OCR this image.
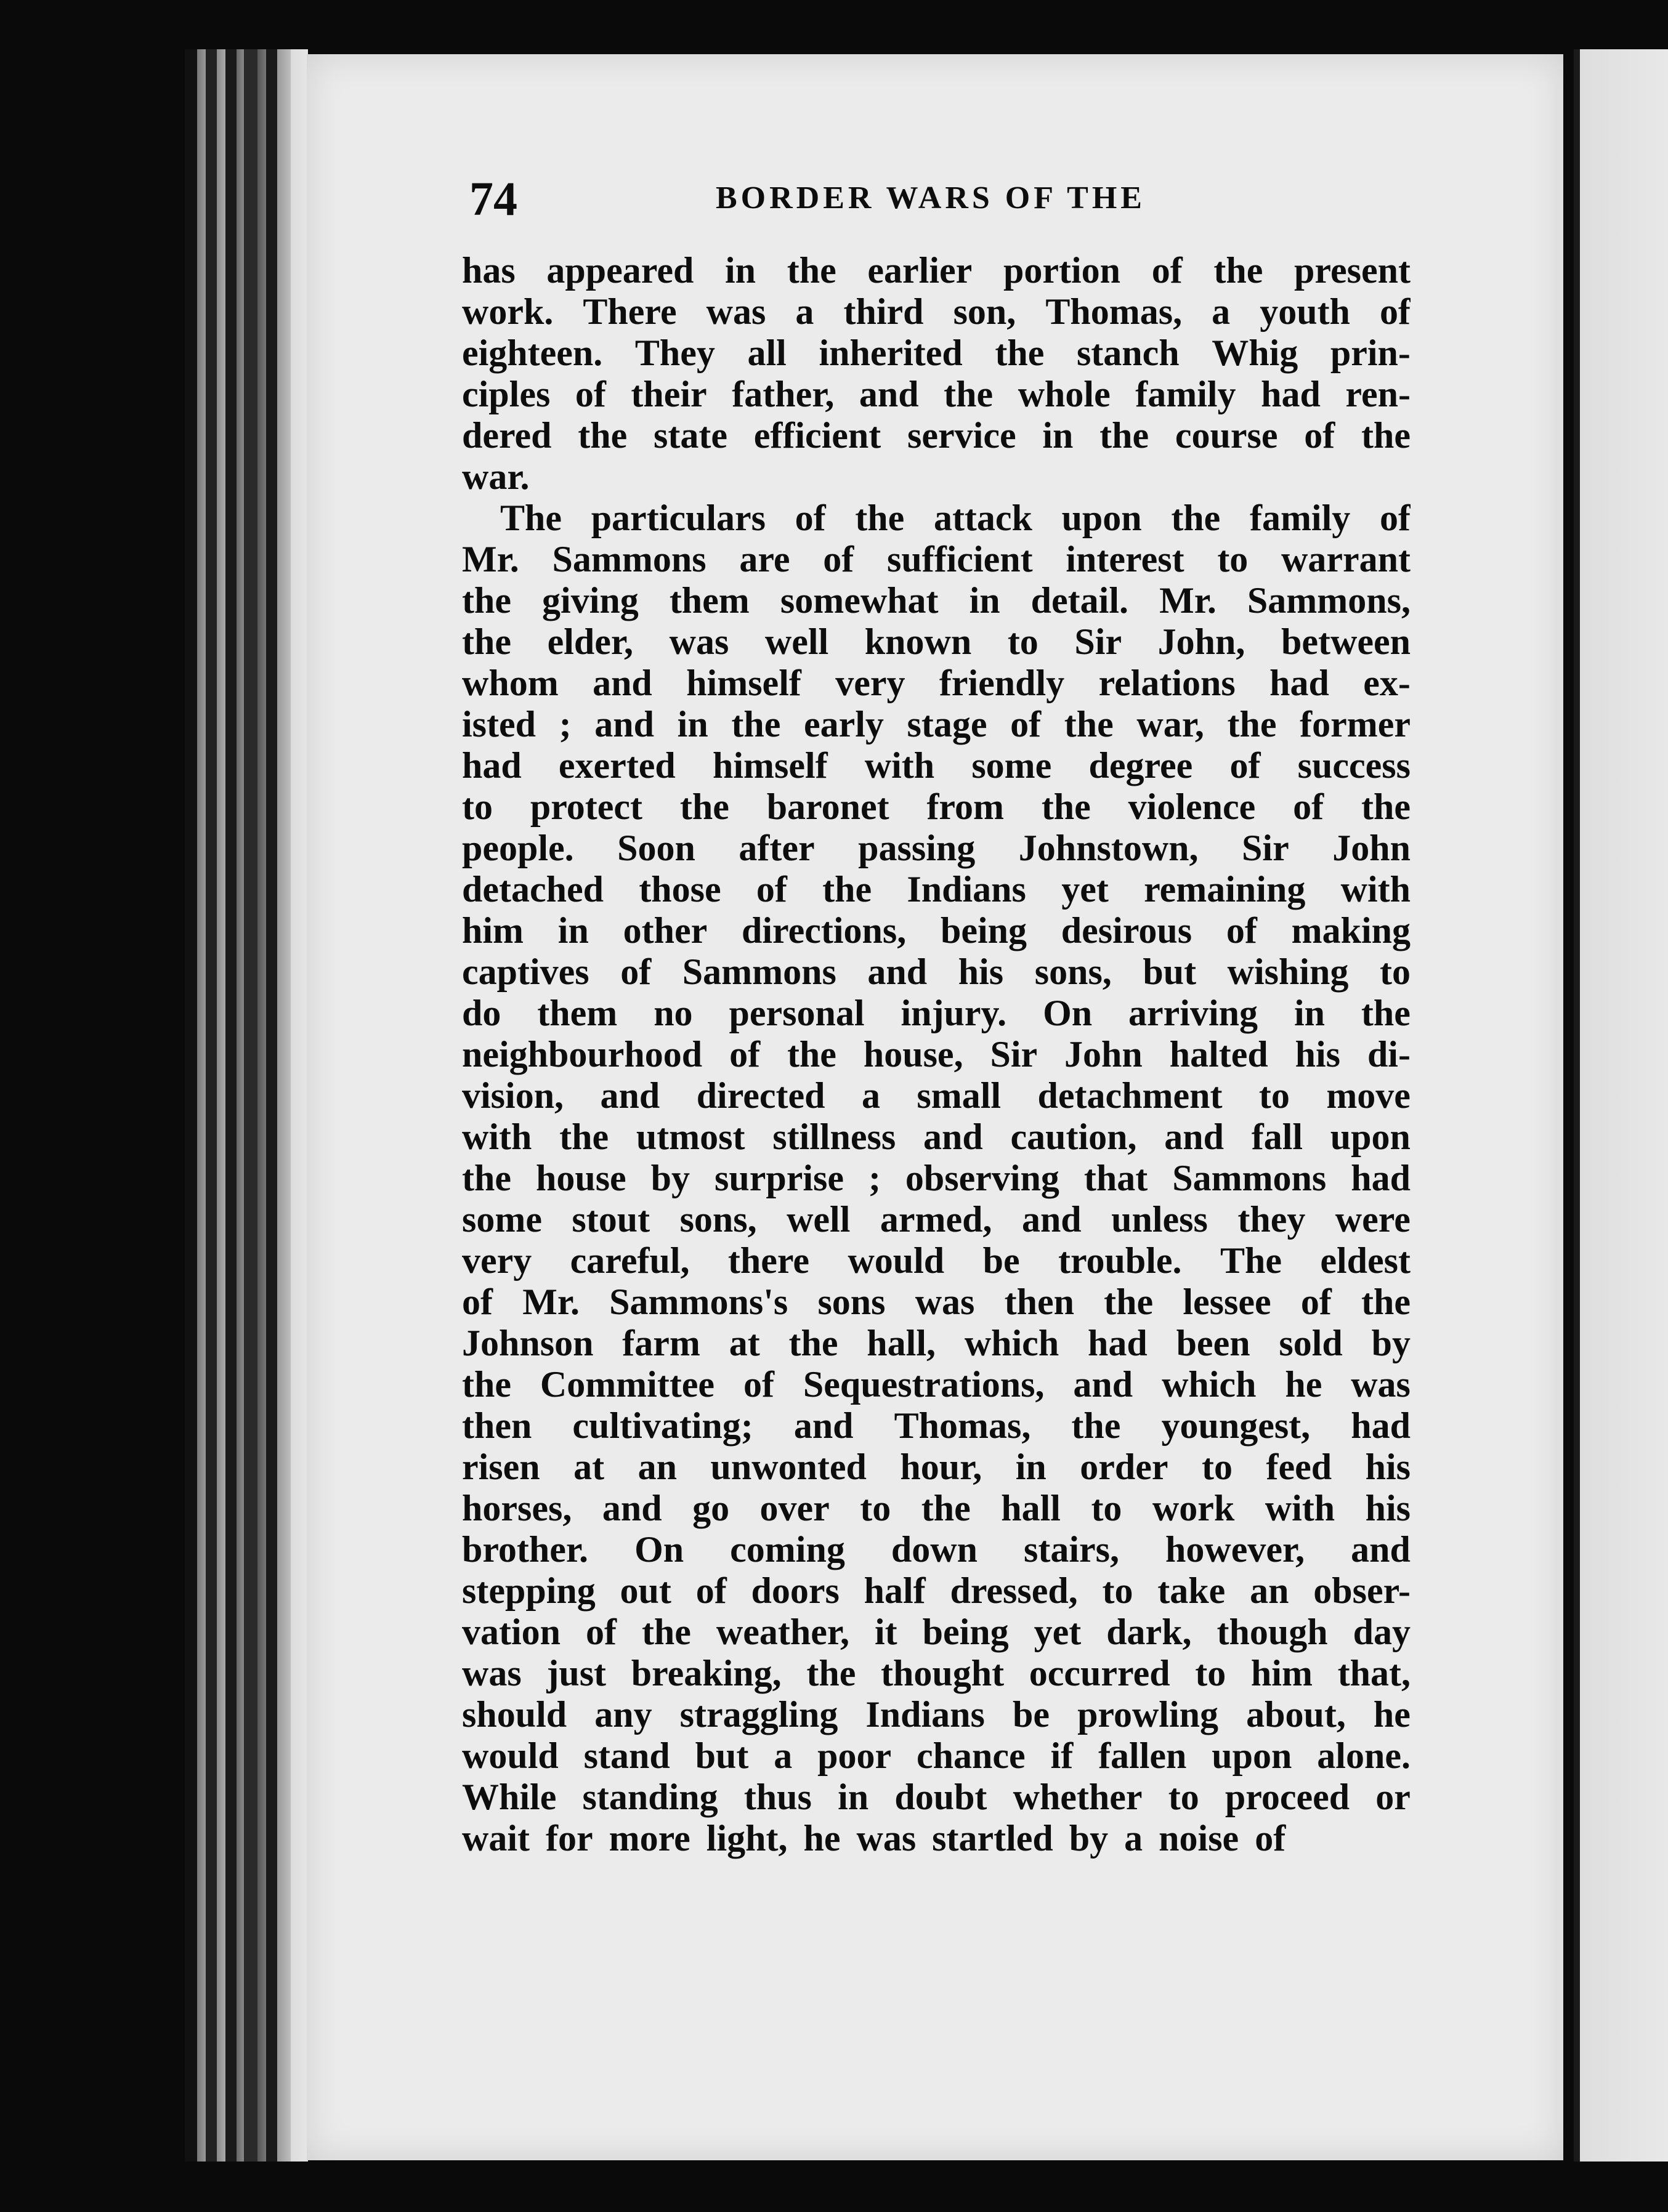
74	BORDER WARS OF THE
has appeared in the earlier portion of the present
work. There was a third son, Thomas, a youth of
eighteen. They all inherited the stanch Whig prin-
ciples of their father, and the whole family had ren-
dered the state efficient service in the course of the
war.
The particulars of the attack upon the family of
Mr. Sammons are of sufficient interest to warrant
the giving them somewhat in detail. Mr. Sammons,
the elder, was well known to Sir John, between
whom and himself very friendly relations had ex-
isted ; and in the early stage of the war, the former
had exerted himself with some degree of success
to protect the baronet from the violence of the
people. Soon after passing Johnstown, Sir John
detached those of the Indians yet remaining with
him in other directions, being desirous of making
captives of Sammons and his sons, but wishing to
do them no personal injury. On arriving in the
neighbourhood of the house, Sir John halted his di-
vision, and directed a small detachment to move
with the utmost stillness and caution, and fall upon
the house by surprise ; observing that Sammons had
some stout sons, well armed, and unless they were
very careful, there would be trouble. The eldest
of Mr. Sammons's sons was then the lessee of the
Johnson farm at the hall, which had been sold by
the Committee of Sequestrations, and which he was
then cultivating; and Thomas, the youngest, had
risen at an unwonted hour, in order to feed his
horses, and go over to the hall to work with his
brother. On coming down stairs, however, and
stepping out of doors half dressed, to take an obser-
vation of the weather, it being yet dark, though day
was just breaking, the thought occurred to him that,
should any straggling Indians be prowling about, he
would stand but a poor chance if fallen upon alone.
While standing thus in doubt whether to proceed or
wait for more light, he was startled by a noise of
